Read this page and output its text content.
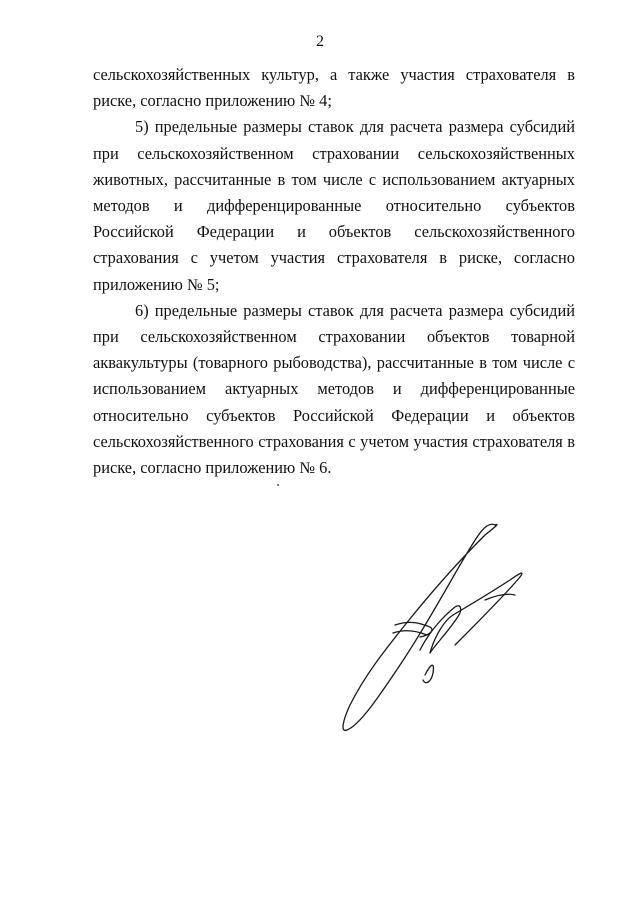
2

сельскохозяйственных культур, а также участия страхователя в риске, согласно приложению № 4;

5) предельные размеры ставок для расчета размера субсидий при сельскохозяйственном страховании сельскохозяйственных животных, рассчитанные в том числе с использованием актуарных методов и дифференцированные относительно субъектов Российской Федерации и объектов сельскохозяйственного страхования с учетом участия страхователя в риске, согласно приложению № 5;

6) предельные размеры ставок для расчета размера субсидий при сельскохозяйственном страховании объектов товарной аквакультуры (товарного рыбоводства), рассчитанные в том числе с использованием актуарных методов и дифференцированные относительно субъектов Российской Федерации и объектов сельскохозяйственного страхования с учетом участия страхователя в риске, согласно приложению № 6.
